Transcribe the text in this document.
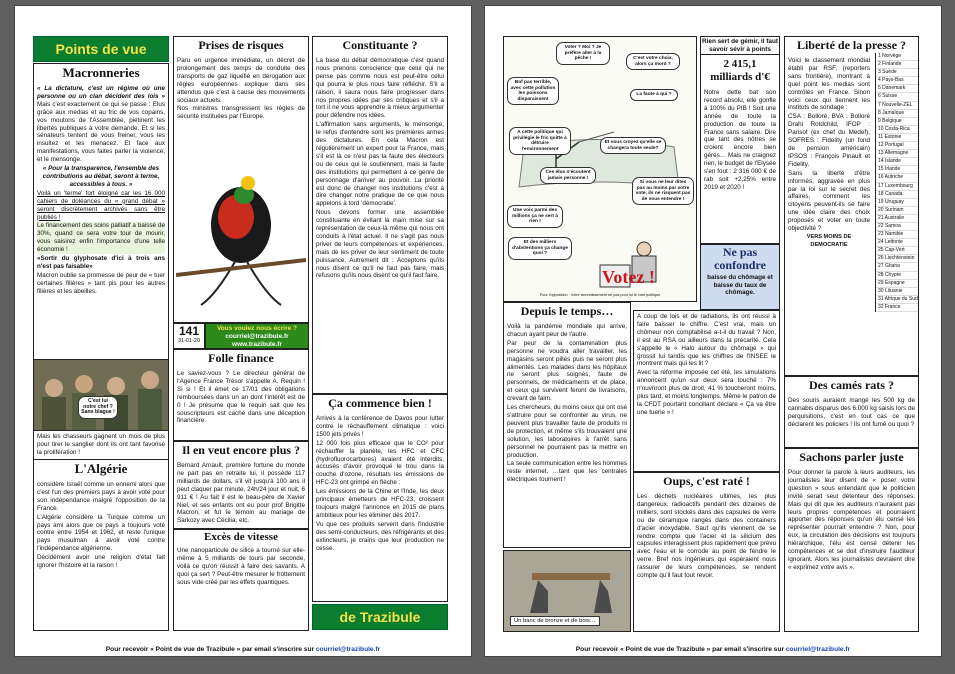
Points de vue
Macronneries

« La dictature, c'est un régime où une personne ou un clan décident des lois » Mais c'est exactement ce qui se passe : Elus grâce aux medias et au fric de vos copains, vos moutons de l'Assemblée, piétinent les libertés publiques à votre demande. Et si les sénateurs tentent de vous freiner, vous les insultez et les menacez. Et face aux manifestations, vous faites parler la violence, et le mensonge.

« Pour la transparence, l'ensemble des contributions au débat, seront à terme, accessibles à tous. »

Voilà un 'terme' fort éloigné car les 16 000 cahiers de doléances du « grand débat » seront discrètement archivés sans être publiés !

Le financement des soins palliatif a baissé de 30%, quand ce sera votre tour de mourir, vous saisirez enfin l'importance d'une telle économie !

«Sortir du glyphosate d'ici à trois ans n'est pas faisable»

Macron oublie sa promesse de peur de « tuer certaines filières » tant pis pour les autres filières et les abeilles.

C'est lui notre chef ? Sans blague !
Mais les chasseurs gagnent un mois de plus pour tirer le sanglier dont ils ont tant favorisé la prolifération !
L'Algérie

considère Israël comme un ennemi alors que c'est l'un des premiers pays à avoir voté pour son indépendance malgré l'opposition de la France.

L'Algérie considère la Turquie comme un pays ami alors que ce pays a toujours voté contre entre 1954 et 1962, et reste l'unique pays musulman à avoir voté contre l'indépendance algérienne.

Décidément avoir une religion d'état fait ignorer l'histoire et la raison !

Prises de risques

Paru en urgence immédiate, un décret de prolongement des temps de conduite des transports de gaz liquéfié en dérogation aux règles européennes explique dans ses attendus que c'est à cause des mouvements sociaux actuels.

Nos ministres transgressent les règles de sécurité instituées par l'Europe.

141
31-01-20
Vous voulez nous écrire ?
courriel@trazibule.fr
www.trazibule.fr
Folle finance
Le saviez-vous ? Le directeur général de l'Agence France Trésor s'appelle A. Requin ! Si si ! Et il émet ce 17/01 des obligations remboursées dans un an dont l'intérêt est de 0 ! Je présume que le requin sait que les souscripteurs est caché dans une déception financière.
Il en veut encore plus ?
Bernard Arnault, première fortune du monde ne part pas en retraite lui, il possède 117 milliards de dollars, s'il vit jusqu'à 100 ans il peut claquer par minute, 24h/24 jour et nuit, 6 911 € ! Au fait il est le beau-père de Xavier Niel, et ses enfants ont eu pour prof Brigitte Macron, et fut le témoin au mariage de Sarkozy avec Cécilia, etc.
Excès de vitesse
Une nanoparticule de silice a tourné sur elle-même à 5 milliards de tours par seconde, voilà ce qu'on réussit à faire des savants. A quoi ça sert ? Peut-être mesurer le frottement sous vide créé par les effets quantiques.
Constituante ?

La base du débat démocratique c'est quand nous prenons conscience que celui qui ne pense pas comme nous est peut-être celui qui pourra le plus nous faire réfléchir. S'il a raison, il saura nous faire progresser dans nos propres idées par ses critiques et s'il a tort il ne vous apprendre à mieux argumenter pour défendre nos idées.

L'affirmation sans arguments, le mensonge, le refus d'entendre sont les premières armes des dictatures. En cela Macron est régulièrement un expert pour la France, mais s'il est là ce n'est pas la faute des électeurs ou de ceux qui le soutiennent, mais la faute des institutions qui permettent à ce genre de personnage d'arriver au pouvoir. La priorité est donc de changer nos institutions c'est à dire changer notre pratique de ce que nous appelons à tord 'démocratie'.

Nous devons former une assemblée constituante en évitant la main mise sur sa représentation de ceux-là même qui nous ont conduits à l'état actuel. Il ne s'agit pas nous priver de leurs compétences et expériences, mais de les priver de leur sentiment de toute puissance. Autrement dit : Acceptons qu'ils nous disent ce qu'il ne faut pas faire, mais refusons qu'ils nous disent ce qu'il faut faire.

Ça commence bien !

Arrivés à la conférence de Davos pour lutter contre le réchauffement climatique : voici 1500 jets privés !

12 000 fois plus efficace que le CO² pour réchauffer la planète, les HFC et CFC (hydrofluorocarbures) avaient été interdits, accusés d'avoir provoqué le trou dans la couche d'ozone, résultats les émissions de HFC-23 ont grimpé en flèche :

Les émissions de la Chine et l'Inde, les deux principaux émetteurs de HFC-23, croissent toujours malgré l'annonce en 2015 de plans ambitieux pour les éliminer dès 2017.

Vu que ces produits servent dans l'industrie des semi-conducteurs, des réfrigérants et des extincteurs, je crains que leur production ne cesse.

de Trazibule
Pour recevoir « Point de vue de Trazibule » par email s'inscrire sur courriel@trazibule.fr
Voter ? Moi ? Je préfère aller à la pêche !	C'est votre choix, alors ça mord ?
Bof pas terrible, avec cette pollution les poissons disparaissent
La faute à qui ?
A cette politique qui privilégie le fric quitte à détruire l'environnement
Et vous croyez qu'elle se changera toute seule?
Ces élus n'écoutent jamais personne !
Si vous ne leur dites pas au moins par votre vote, ils ne risquent pas de vous entendre !
Une voix parmi des millions ça ne sert à rien !
Et des milliers d'abstentions ça change quoi ?
Votez !
Pour l'opposition : Votre arrondissement ne pas pour lui le vote politique
Rien sert de gémir, il faut savoir sévir à points
2 415,1 milliards d'€
Notre dette bat son record absolu, elle gonfle à 100% du PIB ! Soit une année de toute la production de toute la France sans salaire. Dire que tant des nôtres se croient encore bien gérés… Mais ne craignez rien, le budget de l'Elysée s'en fout : 2 316 000 € de rab soit +2,25% entre 2019 et 2020 !
Ne pas confondre
baisse du chômage et baisse du taux de chômage.
Depuis le temps…

Voilà la pandémie mondiale qui arrive, chacun ayant peur de l'autre.

Par peur de la contamination plus personne ne voudra aller travailler, les magasins seront pillés puis ne seront plus alimentés. Les malades dans les hôpitaux ne seront plus soignés, faute de personnels, de médicaments et de place, et ceux qui survivent feront de livraisons, crevant de faim.

Les chercheurs, du moins ceux qui ont osé s'attruire pour se confronter au virus, ne peuvent plus travailler faute de produits ni de protection, et même s'ils trouvaient une solution, les laboratoires à l'arrêt sans personnel ne pourraient pas la mettre en production.

La seule communication entre les hommes reste internet, …tant que les centrales électriques tournent !

A coup de lois et de radiations, ils ont réussi à faire baisser le chiffre. C'est vrai, mais un chômeur non comptabilisé a-t-il du travail ? Non, il est au RSA ou ailleurs dans la précarité. Cela s'appelle le « Halo autour du chômage » qui grossit lui tandis que les chiffres de l'INSEE le montrent mais qui les lit ?

Avec la réforme imposée cet été, les simulations annoncent qu'un sur deux sera touché : 7% n'ouvriront plus de droit, 41 % toucheront moins, plus tard, et moins longtemps. Même le patron de la CFDT pourtant conciliant déclare « Ça va être une tuerie » !

Un banc de bronze et de bois…
Oups, c'est raté !
Les déchets nucléaires ultimes, les plus dangereux, radioactifs pendant des dizaines de milliers, sont stockés dans des capsules de verre ou de céramique rangés dans des containers d'acier inoxydable. Sauf qu'ils viennent de se rendre compte que l'acier et la silicium des capsules interagissent plus rapidement que prévu avec l'eau et le corrode au point de fendre le verre. Bref nos ingénieurs qui espéraient nous rassurer de leurs compétences, se rendent compte qu'il faut tout revoir.
Liberté de la presse ?

Voici le classement mondial établi par RSF, (reporters sans frontière), montrant à quel point les medias sont contrôlés en France. Sinon voici ceux qui tiennent les instituts de sondage :

CSA : Bolloré, BVA : Bolloré Drahi Rotdchild, IFOP : Parisot (ex chef du Medef), SOFRES : Fidelity (un fond de pension américain) IPSOS : François Pinault et Fidelity.

Sans la liberté d'être informés, aggravée en plus par la loi sur le secret des affaires, comment les citoyens peuvent-ils se faire une idée claire des choix proposés et voter en toute objectivité ?

VERS MOINS DE DEMOCRATIE

1 Norvège
2 Finlande
3 Suède
4 Pays-Bas
5 Danemark
6 Suisse
7 Nouvelle-ZEL
8 Jamaïque
9 Belgique
10 Costa-Rica
11 Estonie
12 Portugal
13 Allemagne
14 Islande
15 Irlande
16 Autriche
17 Luxembourg
18 Canada
19 Uruguay
20 Surinam
21 Australie
22 Samoa
23 Namibie
24 Lettonie
25 Cap-Vert
26 Liechtenstein
27 Ghana
28 Chypre
29 Espagne
30 Lituanie
31 Afrique du Sud
32 France
Des camés rats ?
Des souris auraient mangé les 500 kg de cannabis disparus des 6.000 kg saisis lors de perquisitions, c'est en tout cas ce que déclarent les policiers ! Ils ont fumé ou quoi ?
Sachons parler juste
Pour donner la parole à leurs auditeurs, les journalistes leur disent de « poser votre question » sous entendant que le politicien invité serait seul détenteur des réponses. Mais qui dit que les auditeurs n'auraient pas leurs propres compétences et pourraient apporter des réponses qu'un élu censé les représenter pourrait entendre ? Non, pour eux, la circulation des décisions est toujours hiérarchique, l'élu est censé détenir les compétences et se doit d'instruire l'auditeur ignorant. Alors les journalistes devraient dire « exprimez votre avis ».
Pour recevoir « Point de vue de Trazibule » par email s'inscrire sur courriel@trazibule.fr
